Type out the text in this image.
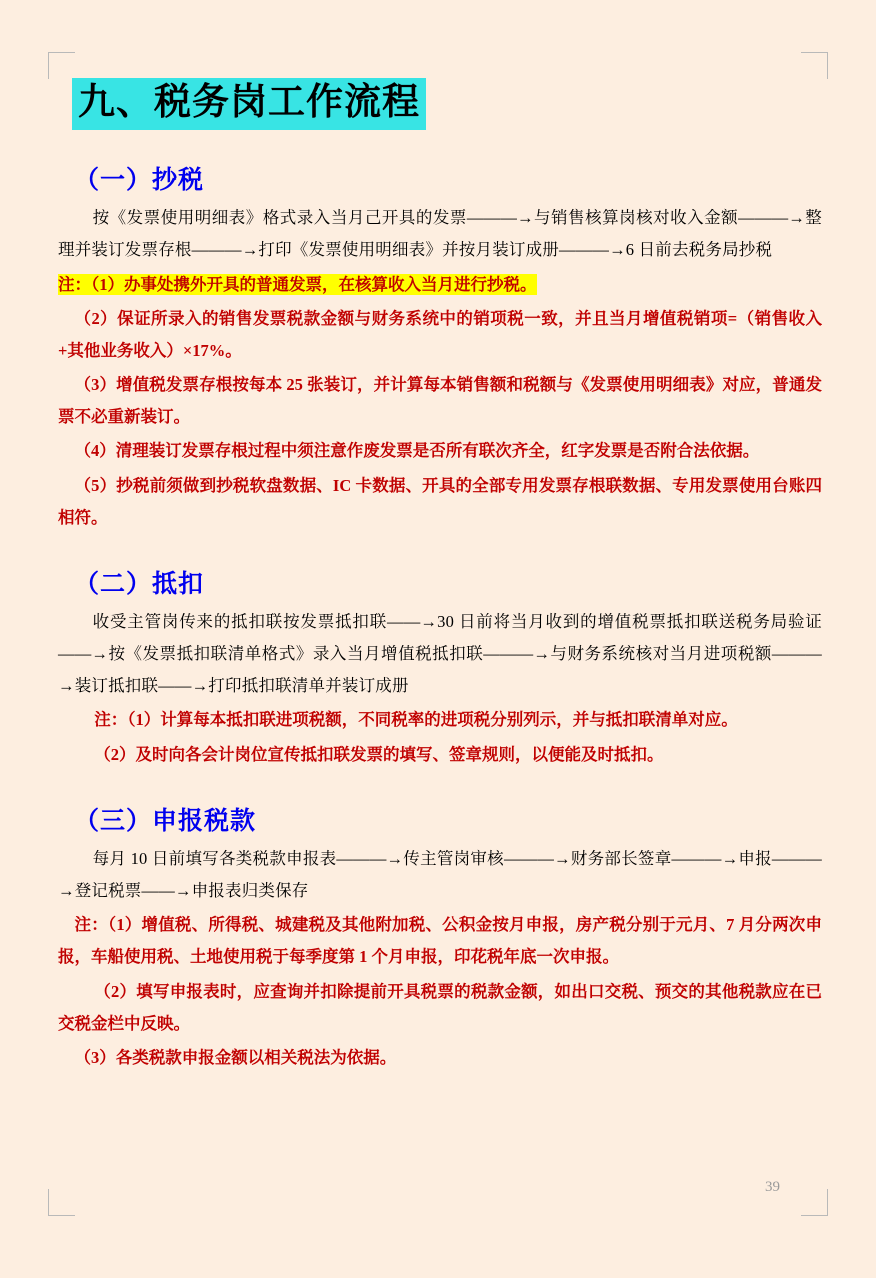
九、税务岗工作流程
（一）抄税

按《发票使用明细表》格式录入当月己开具的发票———→与销售核算岗核对收入金额———→整理并装订发票存根———→打印《发票使用明细表》并按月装订成册———→6 日前去税务局抄税

注：（1）办事处携外开具的普通发票，在核算收入当月进行抄税。

（2）保证所录入的销售发票税款金额与财务系统中的销项税一致，并且当月增值税销项=（销售收入+其他业务收入）×17%。

（3）增值税发票存根按每本 25 张装订，并计算每本销售额和税额与《发票使用明细表》对应，普通发票不必重新装订。

（4）清理装订发票存根过程中须注意作废发票是否所有联次齐全，红字发票是否附合法依据。

（5）抄税前须做到抄税软盘数据、IC 卡数据、开具的全部专用发票存根联数据、专用发票使用台账四相符。

（二）抵扣

收受主管岗传来的抵扣联按发票抵扣联——→30 日前将当月收到的增值税票抵扣联送税务局验证——→按《发票抵扣联清单格式》录入当月增值税抵扣联———→与财务系统核对当月进项税额———→装订抵扣联——→打印抵扣联清单并装订成册

注：（1）计算每本抵扣联进项税额，不同税率的进项税分别列示，并与抵扣联清单对应。

（2）及时向各会计岗位宣传抵扣联发票的填写、签章规则，以便能及时抵扣。

（三）申报税款

每月 10 日前填写各类税款申报表———→传主管岗审核———→财务部长签章———→申报———→登记税票——→申报表归类保存

注：（1）增值税、所得税、城建税及其他附加税、公积金按月申报，房产税分别于元月、7 月分两次申报，车船使用税、土地使用税于每季度第 1 个月申报，印花税年底一次申报。

（2）填写申报表时，应查询并扣除提前开具税票的税款金额，如出口交税、预交的其他税款应在已交税金栏中反映。

（3）各类税款申报金额以相关税法为依据。

39
